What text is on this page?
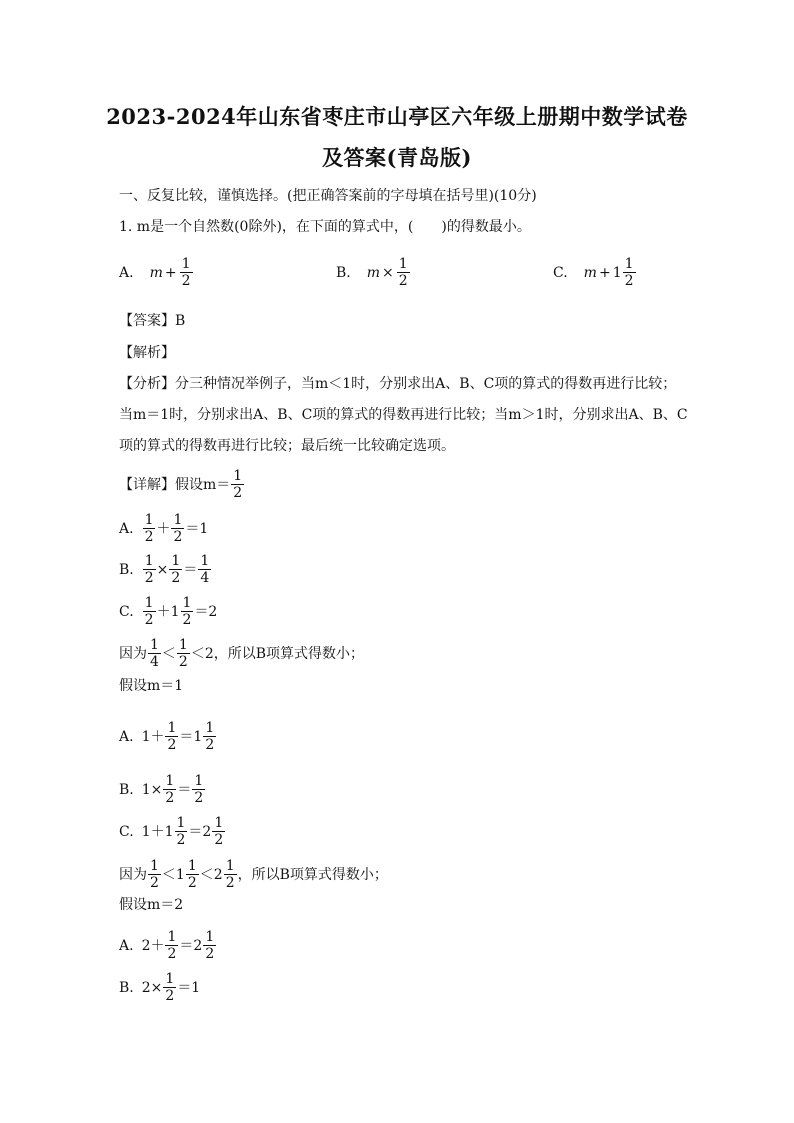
2023-2024年山东省枣庄市山亭区六年级上册期中数学试卷
及答案(青岛版)
一、反复比较，谨慎选择。(把正确答案前的字母填在括号里)(10分)
1. m是一个自然数(0除外)，在下面的算式中，(　　)的得数最小。
A. $m + \frac{1}{2}$	B. $m \times \frac{1}{2}$	C. $m + 1 \frac{1}{2}$
【答案】B
【解析】
【分析】分三种情况举例子，当m＜1时，分别求出A、B、C项的算式的得数再进行比较；
当m＝1时，分别求出A、B、C项的算式的得数再进行比较；当m＞1时，分别求出A、B、C
项的算式的得数再进行比较；最后统一比较确定选项。
【详解】假设$m= \frac{1}{2}$
A. $\frac{1}{2} + \frac{1}{2} =1$
B. $\frac{1}{2} \times \frac{1}{2} = \frac{1}{4}$
C. $\frac{1}{2} + 1 \frac{1}{2} =2$
因为 $\frac{1}{4} < \frac{1}{2} <2$，所以B项算式得数小；
假设m＝1
A. $1+ \frac{1}{2} = 1 \frac{1}{2}$
B. $1\times \frac{1}{2} = \frac{1}{2}$
C. $1+1 \frac{1}{2} = 2 \frac{1}{2}$
因为 $\frac{1}{2} < 1 \frac{1}{2} < 2 \frac{1}{2}$ ，所以B项算式得数小；
假设m＝2
A. $2+ \frac{1}{2} = 2 \frac{1}{2}$
B. $2\times \frac{1}{2} =1$
